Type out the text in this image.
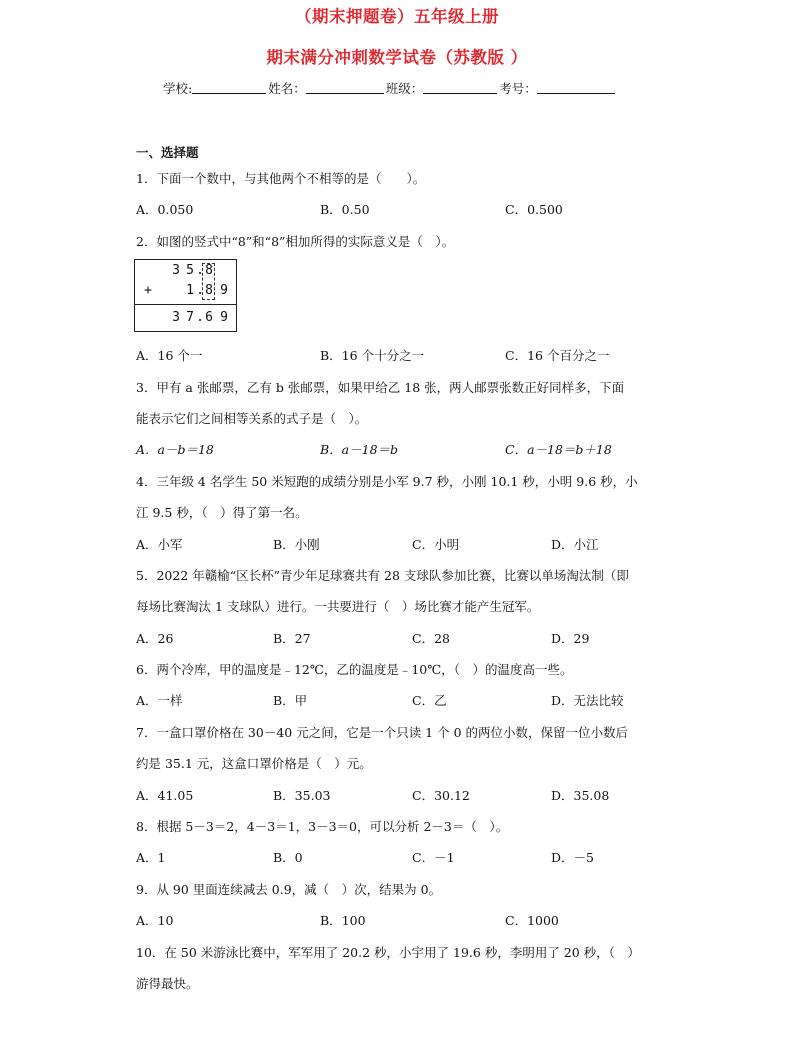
（期末押题卷）五年级上册
期末满分冲刺数学试卷（苏教版 ）
学校:	姓名：	班级：	考号：
一、选择题
1．下面一个数中，与其他两个不相等的是（　　）。
A．0.050	B．0.50	C．0.500
2．如图的竖式中“8”和“8”相加所得的实际意义是（　）。
3 5 . 8
+	1 . 8 9
3 7 . 6 9
A．16 个一	B．16 个十分之一	C．16 个百分之一
3．甲有 a 张邮票，乙有 b 张邮票，如果甲给乙 18 张，两人邮票张数正好同样多，下面
能表示它们之间相等关系的式子是（　）。
A．a－b＝18	B．a－18＝b	C．a－18＝b＋18
4．三年级 4 名学生 50 米短跑的成绩分别是小军 9.7 秒，小刚 10.1 秒，小明 9.6 秒，小
江 9.5 秒，（　）得了第一名。
A．小军	B．小刚	C．小明	D．小江
5．2022 年赣榆“区长杯”青少年足球赛共有 28 支球队参加比赛，比赛以单场淘汰制（即
每场比赛淘汰 1 支球队）进行。一共要进行（　）场比赛才能产生冠军。
A．26	B．27	C．28	D．29
6．两个冷库，甲的温度是﹣12℃，乙的温度是﹣10℃，（　）的温度高一些。
A．一样	B．甲	C．乙	D．无法比较
7．一盒口罩价格在 30－40 元之间，它是一个只读 1 个 0 的两位小数，保留一位小数后
约是 35.1 元，这盒口罩价格是（　）元。
A．41.05	B．35.03	C．30.12	D．35.08
8．根据 5－3＝2，4－3＝1，3－3＝0，可以分析 2－3＝（　）。
A．1	B．0	C．－1	D．－5
9．从 90 里面连续减去 0.9，减（　）次，结果为 0。
A．10	B．100	C．1000
10．在 50 米游泳比赛中，军军用了 20.2 秒，小宇用了 19.6 秒，李明用了 20 秒，（　）
游得最快。
